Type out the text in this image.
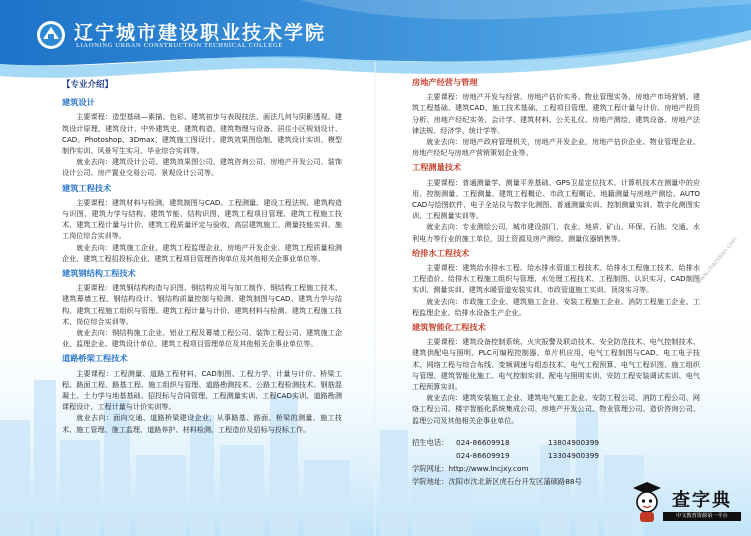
辽宁城市建设职业技术学院
LIAONING URBAN CONSTRUCTION TECHNICAL COLLEGE
【专业介绍】
建筑设计
主要课程：造型基础—素描、色彩、建筑初步与表现技法、画法几何与阴影透视、建筑设计原理、建筑设计、中外建筑史、建筑构造、建筑物理与设备、居住小区规划设计、CAD、Photoshop、3Dmax、建筑施工图设计、建筑效果图绘制、建筑设计实训、模型制作实训、风景写生实习、毕业综合实训等。
就业去向：建筑设计公司、建筑效果图公司、建筑咨询公司、房地产开发公司、装饰设计公司、房产置业交易公司、景观设计公司等。
建筑工程技术
主要课程：建筑材料与检测、建筑制图与CAD、工程测量、建设工程法规、建筑构造与识图、建筑力学与结构、建筑节能、结构识图、建筑工程项目管理、建筑工程施工技术、建筑工程计量与计价、建筑工程质量评定与验收、高层建筑施工、测量技能实训、施工岗位综合实训等。
就业去向：建筑施工企业、建筑工程监理企业、房地产开发企业、建筑工程质量检测企业、建筑工程招投标企业、建筑工程项目管理咨询单位及其他相关企事业单位等。
建筑钢结构工程技术
主要课程：建筑钢结构构造与识图、钢结构应用与加工制作、钢结构工程施工技术、建筑幕墙工程、钢结构设计、钢结构质量控制与检测、建筑制图与CAD、建筑力学与结构、建筑工程施工组织与管理、建筑工程计量与计价、建筑材料与检测、建筑工程施工技术、岗位综合实训等。
就业去向：钢结构施工企业、铝业工程及幕墙工程公司、装饰工程公司、建筑施工企业、监理企业、建筑设计单位、建筑工程项目管理单位及其他相关企事业单位等。
道路桥梁工程技术
主要课程：工程测量、道路工程材料、CAD制图、工程力学、计量与计价、桥梁工程、路面工程、路基工程、施工组织与管理、道路勘测技术、公路工程检测技术、钢筋混凝土、土力学与地基基础、招投标与合同管理、工程测量实训、工程CAD实训、道路勘测课程设计、工程计量与计价实训等。
就业去向：面向交通、道路桥梁建设企业，从事路基、路面、桥梁的测量、施工技术、施工管理、施工监理、道路养护、材料检测、工程造价及招标与投标工作。
房地产经营与管理
主要课程：房地产开发与经营、房地产估价实务、物业管理实务、房地产市场营销、建筑工程基础、建筑CAD、施工技术基础、工程项目管理、建筑工程计量与计价、房地产投资分析、房地产经纪实务、会计学、建筑材料、公关礼仪、房地产测绘、建筑设备、房地产法律法规、经济学、统计学等。
就业去向：房地产政府管理机关，房地产开发企业，房地产估价企业、物业管理企业、房地产经纪与房地产营销策划企业等。
工程测量技术
主要课程：普通测量学、测量平差基础、GPS卫星定位技术、计算机技术在测量中的应用、控制测量、工程测量、建筑工程概论、市政工程概论、地籍测量与房地产测绘、AUTO CAD与绘图软件、电子全站仪与数字化测图、普通测量实训、控制测量实训、数字化测图实训、工程测量实训等。
就业去向：专业测绘公司，城市建设部门，农业、地质、矿山、环保、石油、交通、水利电力等行业的施工单位，国土资源及房产测绘、测量仪器销售等。
给排水工程技术
主要课程：建筑给水排水工程、给水排水管道工程技术、给排水工程施工技术、给排水工程造价、给排水工程施工组织与管理、水处理工程技术、工程制图、认识实习、CAD制图实训、测量实训、建筑水暖管道安装实训、市政管道施工实训、顶岗实习等。
就业去向：市政施工企业、建筑施工企业、安装工程施工企业、消防工程施工企业、工程监理企业、给排水设备生产企业。
建筑智能化工程技术
主要课程：建筑设备控制系统、火灾报警及联动技术、安全防范技术、电气控制技术、建筑供配电与照明、PLC可编程控制器、单片机应用、电气工程制图与CAD、电工电子技术、网络工程与综合布线、变频调速与组态技术、电气工程预算、电气工程识图、施工组织与管理、建筑智能化施工、电气控制实训、配电与照明实训、安防工程安装调试实训、电气工程预算实训。
就业去向：建筑安装施工企业、建筑电气施工企业、安防工程公司、消防工程公司、网络工程公司、楼宇智能化系统集成公司、房地产开发公司、物业管理公司、造价咨询公司、监理公司及其他相关企事业单位。
招生电话： 024-86609918	13804900399
024-86609919	13304900399
学院网址：http://www.lncjxy.com
学院地址：沈阳市沈北新区虎石台开发区蒲硕路88号
www.chazidian.com
查字典
中文教育资源第一平台
